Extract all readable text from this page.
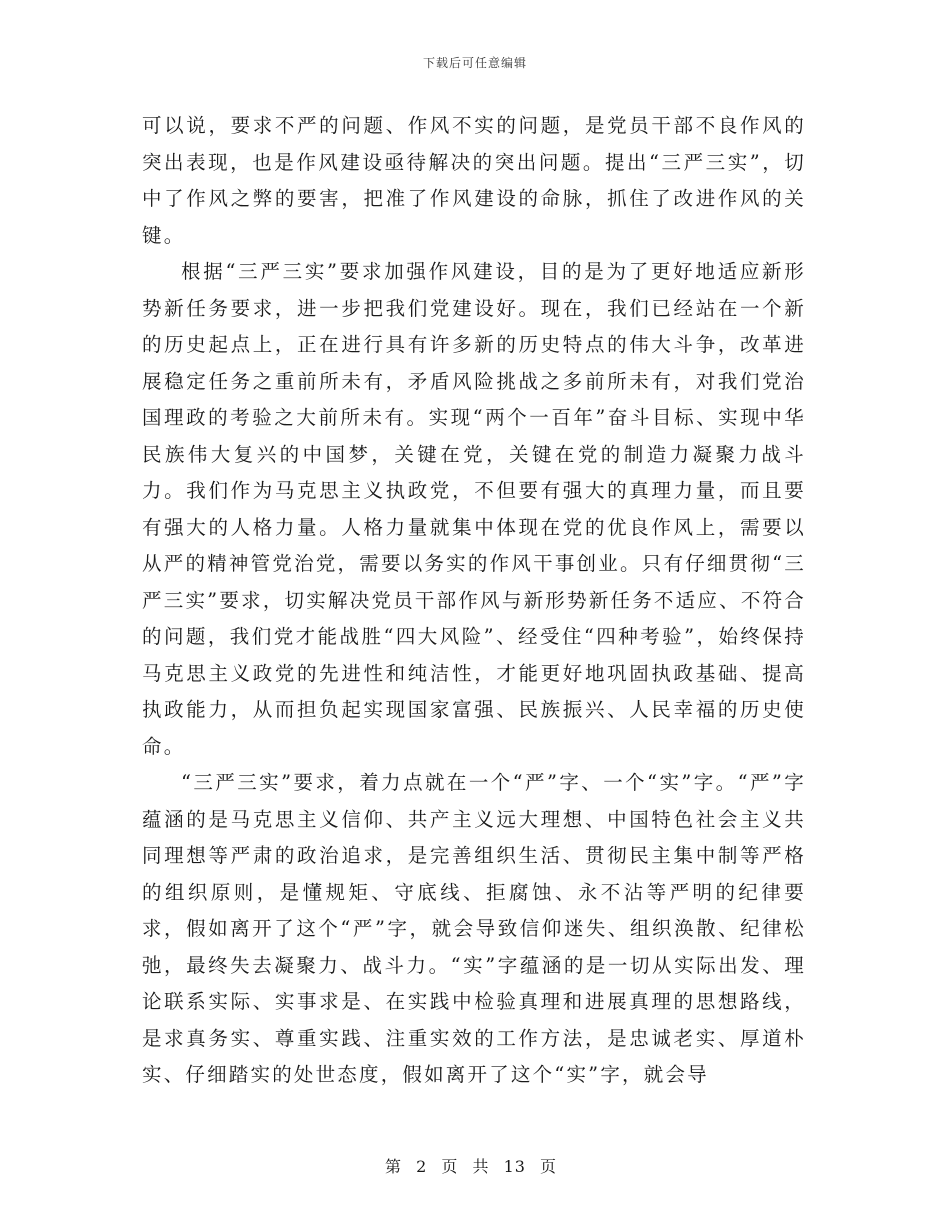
下载后可任意编辑

可以说，要求不严的问题、作风不实的问题，是党员干部不良作风的突出表现，也是作风建设亟待解决的突出问题。提出“三严三实”，切中了作风之弊的要害，把准了作风建设的命脉，抓住了改进作风的关键。

根据“三严三实”要求加强作风建设，目的是为了更好地适应新形势新任务要求，进一步把我们党建设好。现在，我们已经站在一个新的历史起点上，正在进行具有许多新的历史特点的伟大斗争，改革进展稳定任务之重前所未有，矛盾风险挑战之多前所未有，对我们党治国理政的考验之大前所未有。实现“两个一百年”奋斗目标、实现中华民族伟大复兴的中国梦，关键在党，关键在党的制造力凝聚力战斗力。我们作为马克思主义执政党，不但要有强大的真理力量，而且要有强大的人格力量。人格力量就集中体现在党的优良作风上，需要以从严的精神管党治党，需要以务实的作风干事创业。只有仔细贯彻“三严三实”要求，切实解决党员干部作风与新形势新任务不适应、不符合的问题，我们党才能战胜“四大风险”、经受住“四种考验”，始终保持马克思主义政党的先进性和纯洁性，才能更好地巩固执政基础、提高执政能力，从而担负起实现国家富强、民族振兴、人民幸福的历史使命。

“三严三实”要求，着力点就在一个“严”字、一个“实”字。“严”字蕴涵的是马克思主义信仰、共产主义远大理想、中国特色社会主义共同理想等严肃的政治追求，是完善组织生活、贯彻民主集中制等严格的组织原则，是懂规矩、守底线、拒腐蚀、永不沾等严明的纪律要求，假如离开了这个“严”字，就会导致信仰迷失、组织涣散、纪律松弛，最终失去凝聚力、战斗力。“实”字蕴涵的是一切从实际出发、理论联系实际、实事求是、在实践中检验真理和进展真理的思想路线，是求真务实、尊重实践、注重实效的工作方法，是忠诚老实、厚道朴实、仔细踏实的处世态度，假如离开了这个“实”字，就会导

第 2 页 共 13 页
